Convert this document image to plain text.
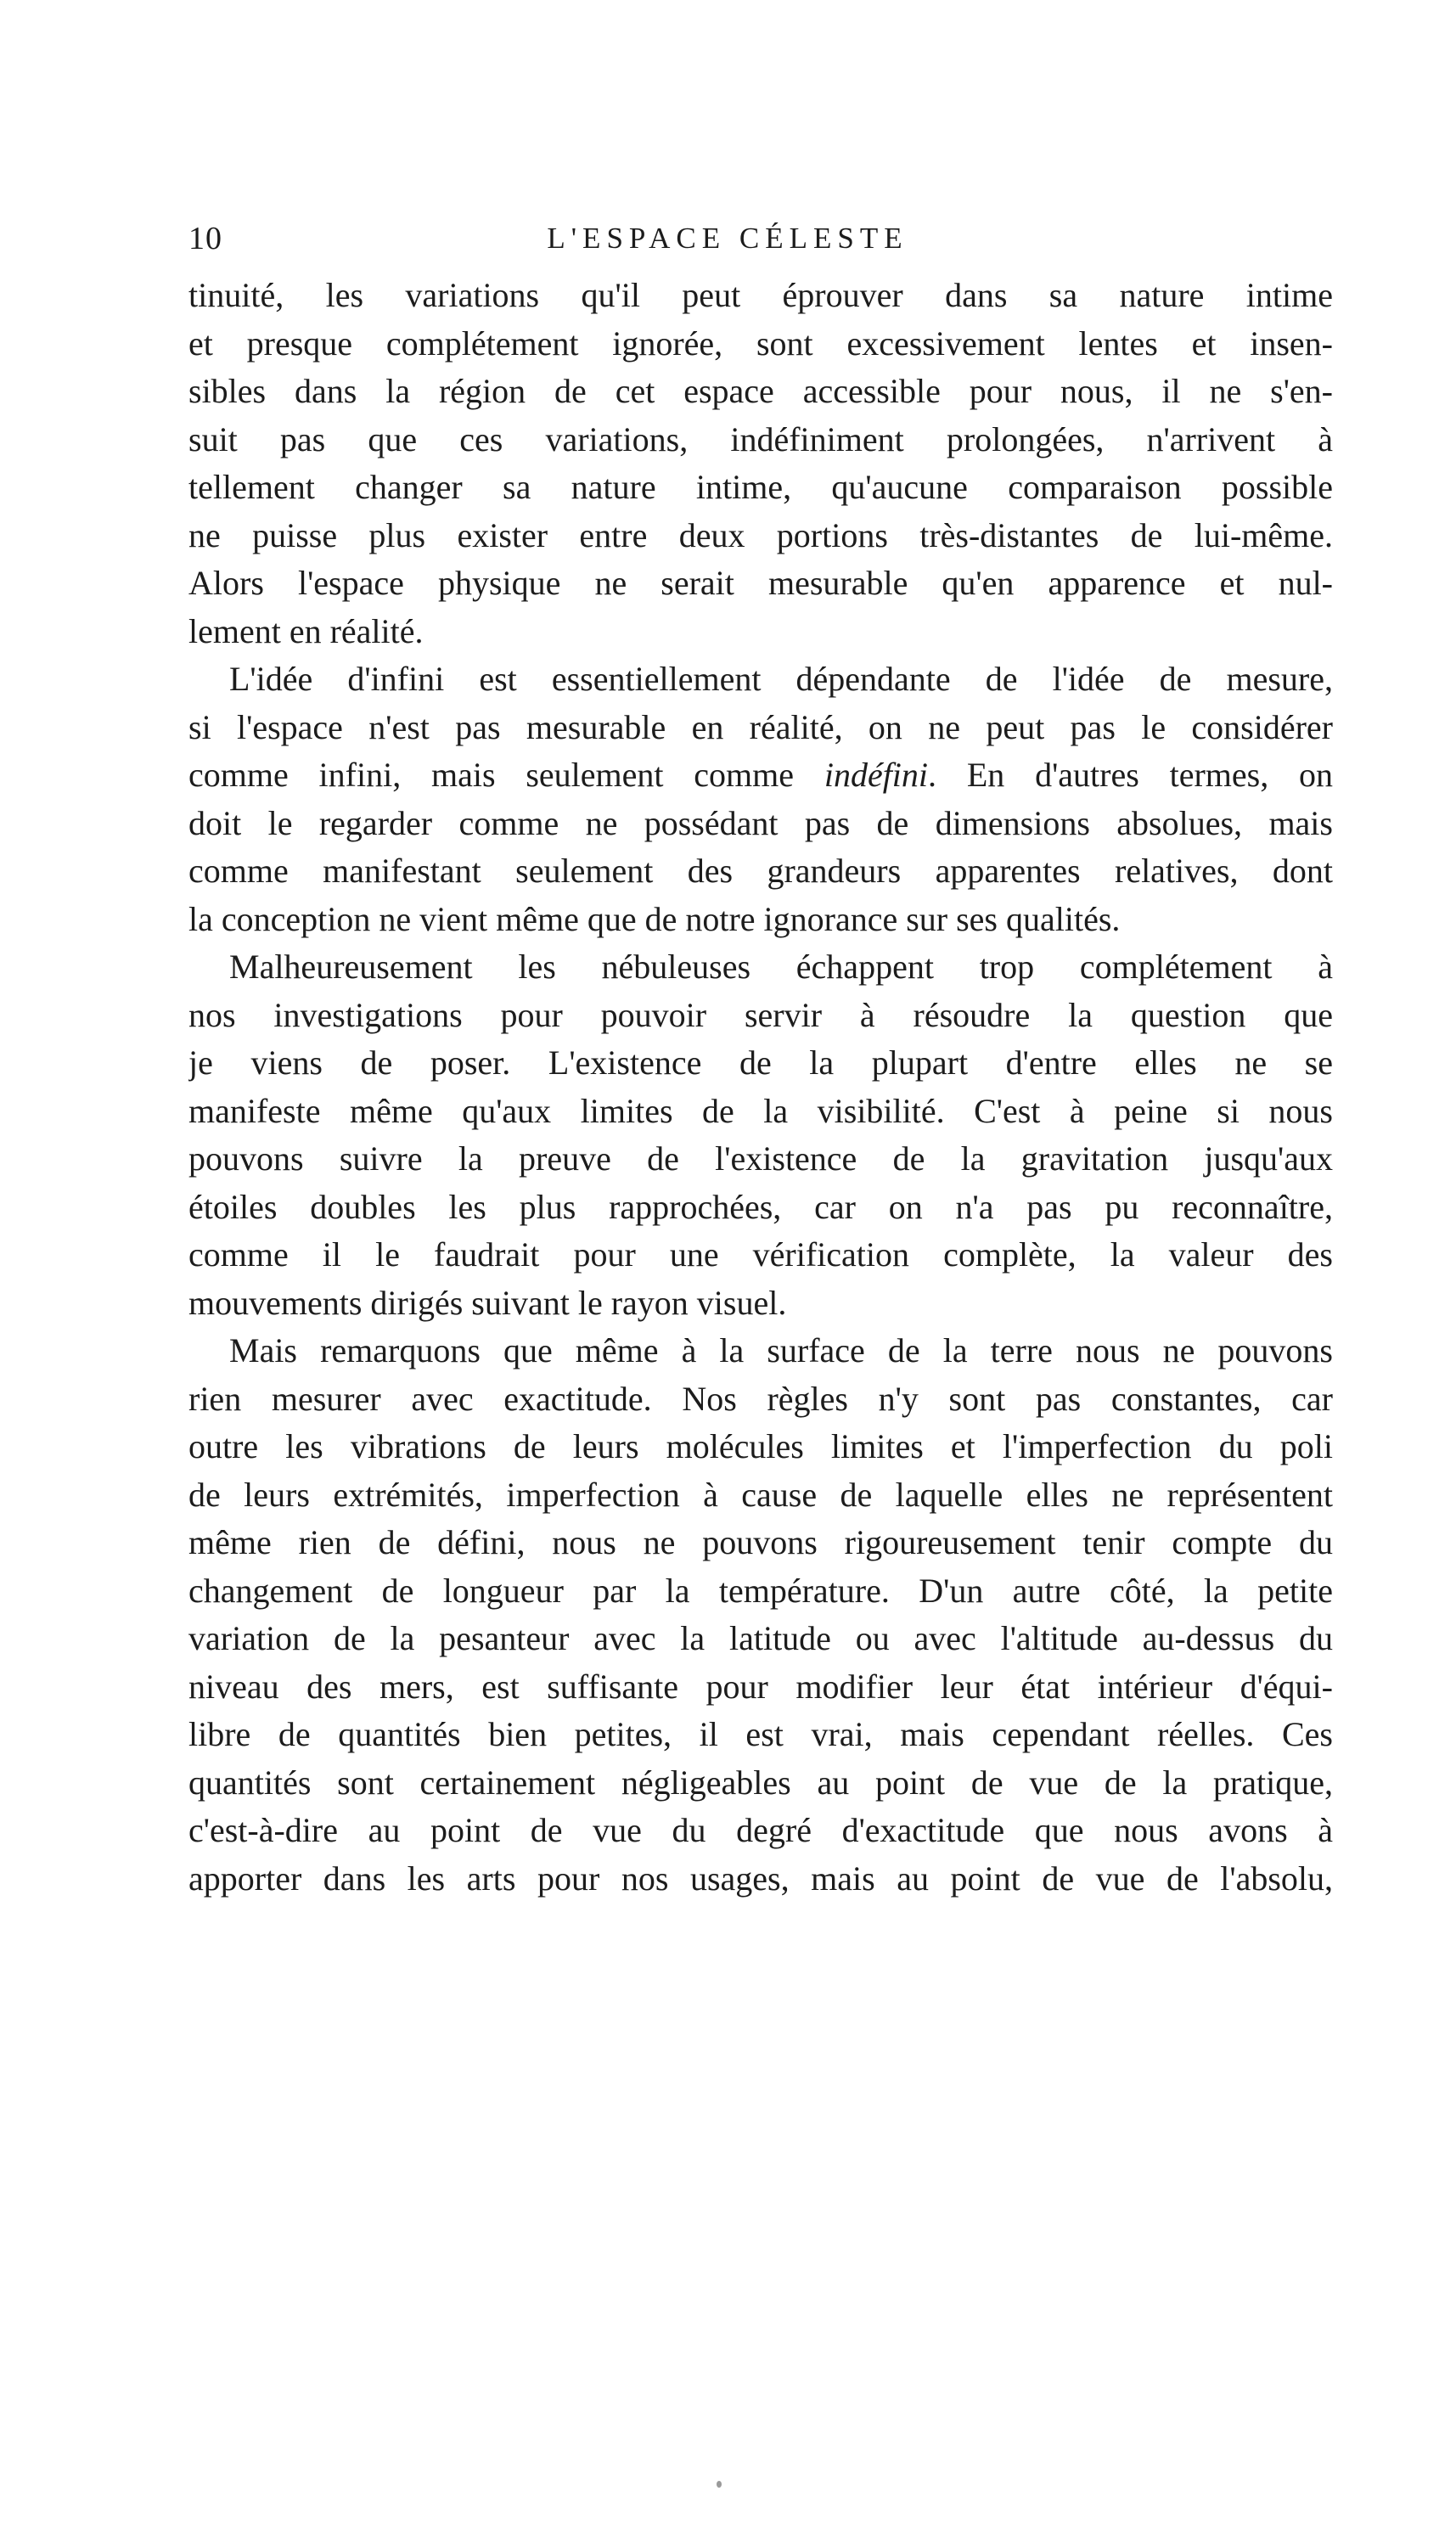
10	L'ESPACE CÉLESTE
tinuité, les variations qu'il peut éprouver dans sa nature intime
et presque complétement ignorée, sont excessivement lentes et insen-
sibles dans la région de cet espace accessible pour nous, il ne s'en-
suit pas que ces variations, indéfiniment prolongées, n'arrivent à
tellement changer sa nature intime, qu'aucune comparaison possible
ne puisse plus exister entre deux portions très-distantes de lui-même.
Alors l'espace physique ne serait mesurable qu'en apparence et nul-
lement en réalité.
L'idée d'infini est essentiellement dépendante de l'idée de mesure,
si l'espace n'est pas mesurable en réalité, on ne peut pas le considérer
comme infini, mais seulement comme indéfini. En d'autres termes, on
doit le regarder comme ne possédant pas de dimensions absolues, mais
comme manifestant seulement des grandeurs apparentes relatives, dont
la conception ne vient même que de notre ignorance sur ses qualités.
Malheureusement les nébuleuses échappent trop complétement à
nos investigations pour pouvoir servir à résoudre la question que
je viens de poser. L'existence de la plupart d'entre elles ne se
manifeste même qu'aux limites de la visibilité. C'est à peine si nous
pouvons suivre la preuve de l'existence de la gravitation jusqu'aux
étoiles doubles les plus rapprochées, car on n'a pas pu reconnaître,
comme il le faudrait pour une vérification complète, la valeur des
mouvements dirigés suivant le rayon visuel.
Mais remarquons que même à la surface de la terre nous ne pouvons
rien mesurer avec exactitude. Nos règles n'y sont pas constantes, car
outre les vibrations de leurs molécules limites et l'imperfection du poli
de leurs extrémités, imperfection à cause de laquelle elles ne représentent
même rien de défini, nous ne pouvons rigoureusement tenir compte du
changement de longueur par la température. D'un autre côté, la petite
variation de la pesanteur avec la latitude ou avec l'altitude au-dessus du
niveau des mers, est suffisante pour modifier leur état intérieur d'équi-
libre de quantités bien petites, il est vrai, mais cependant réelles. Ces
quantités sont certainement négligeables au point de vue de la pratique,
c'est-à-dire au point de vue du degré d'exactitude que nous avons à
apporter dans les arts pour nos usages, mais au point de vue de l'absolu,
